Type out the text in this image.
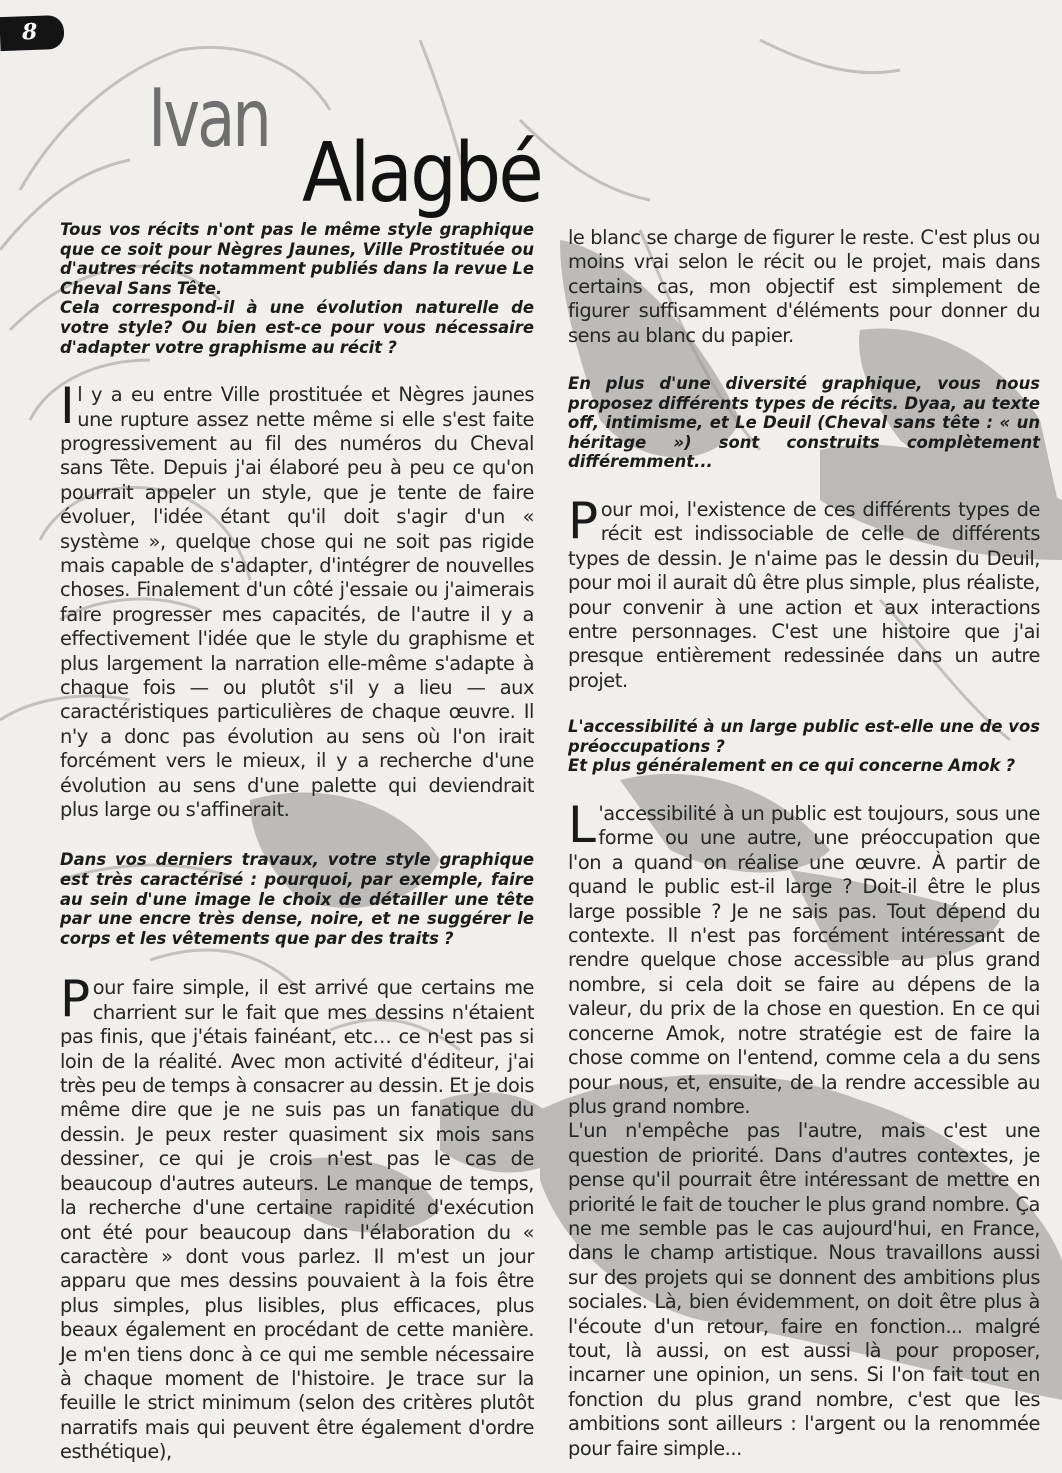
8
Ivan
Alagbé

Tous vos récits n'ont pas le même style graphique que ce soit pour Nègres Jaunes, Ville Prostituée ou d'autres récits notamment publiés dans la revue Le Cheval Sans Tête.

Cela correspond-il à une évolution naturelle de votre style? Ou bien est-ce pour vous nécessaire d'adapter votre graphisme au récit ?

I l y a eu entre Ville prostituée et Nègres jaunes une rupture assez nette même si elle s'est faite progressivement au fil des numéros du Cheval sans Tête. Depuis j'ai élaboré peu à peu ce qu'on pourrait appeler un style, que je tente de faire évoluer, l'idée étant qu'il doit s'agir d'un « système », quelque chose qui ne soit pas rigide mais capable de s'adapter, d'intégrer de nouvelles choses. Finalement d'un côté j'essaie ou j'aimerais faire progresser mes capacités, de l'autre il y a effectivement l'idée que le style du graphisme et plus largement la narration elle-même s'adapte à chaque fois — ou plutôt s'il y a lieu — aux caractéristiques particulières de chaque œuvre. Il n'y a donc pas évolution au sens où l'on irait forcément vers le mieux, il y a recherche d'une évolution au sens d'une palette qui deviendrait plus large ou s'affinerait.

Dans vos derniers travaux, votre style graphique est très caractérisé : pourquoi, par exemple, faire au sein d'une image le choix de détailler une tête par une encre très dense, noire, et ne suggérer le corps et les vêtements que par des traits ?

P our faire simple, il est arrivé que certains me charrient sur le fait que mes dessins n'étaient pas finis, que j'étais fainéant, etc… ce n'est pas si loin de la réalité. Avec mon activité d'éditeur, j'ai très peu de temps à consacrer au dessin. Et je dois même dire que je ne suis pas un fanatique du dessin. Je peux rester quasiment six mois sans dessiner, ce qui je crois n'est pas le cas de beaucoup d'autres auteurs. Le manque de temps, la recherche d'une certaine rapidité d'exécution ont été pour beaucoup dans l'élaboration du « caractère » dont vous parlez. Il m'est un jour apparu que mes dessins pouvaient à la fois être plus simples, plus lisibles, plus efficaces, plus beaux également en procédant de cette manière. Je m'en tiens donc à ce qui me semble nécessaire à chaque moment de l'histoire. Je trace sur la feuille le strict minimum (selon des critères plutôt narratifs mais qui peuvent être également d'ordre esthétique),

le blanc se charge de figurer le reste. C'est plus ou moins vrai selon le récit ou le projet, mais dans certains cas, mon objectif est simplement de figurer suffisamment d'éléments pour donner du sens au blanc du papier.

En plus d'une diversité graphique, vous nous proposez différents types de récits. Dyaa, au texte off, intimisme, et Le Deuil (Cheval sans tête : « un héritage ») sont construits complètement différemment...

P our moi, l'existence de ces différents types de récit est indissociable de celle de différents types de dessin. Je n'aime pas le dessin du Deuil, pour moi il aurait dû être plus simple, plus réaliste, pour convenir à une action et aux interactions entre personnages. C'est une histoire que j'ai presque entièrement redessinée dans un autre projet.

L'accessibilité à un large public est-elle une de vos préoccupations ?

Et plus généralement en ce qui concerne Amok ?

L 'accessibilité à un public est toujours, sous une forme ou une autre, une préoccupation que l'on a quand on réalise une œuvre. À partir de quand le public est-il large ? Doit-il être le plus large possible ? Je ne sais pas. Tout dépend du contexte. Il n'est pas forcément intéressant de rendre quelque chose accessible au plus grand nombre, si cela doit se faire au dépens de la valeur, du prix de la chose en question. En ce qui concerne Amok, notre stratégie est de faire la chose comme on l'entend, comme cela a du sens pour nous, et, ensuite, de la rendre accessible au plus grand nombre.

L'un n'empêche pas l'autre, mais c'est une question de priorité. Dans d'autres contextes, je pense qu'il pourrait être intéressant de mettre en priorité le fait de toucher le plus grand nombre. Ça ne me semble pas le cas aujourd'hui, en France, dans le champ artistique. Nous travaillons aussi sur des projets qui se donnent des ambitions plus sociales. Là, bien évidemment, on doit être plus à l'écoute d'un retour, faire en fonction... malgré tout, là aussi, on est aussi là pour proposer, incarner une opinion, un sens. Si l'on fait tout en fonction du plus grand nombre, c'est que les ambitions sont ailleurs : l'argent ou la renommée pour faire simple...
